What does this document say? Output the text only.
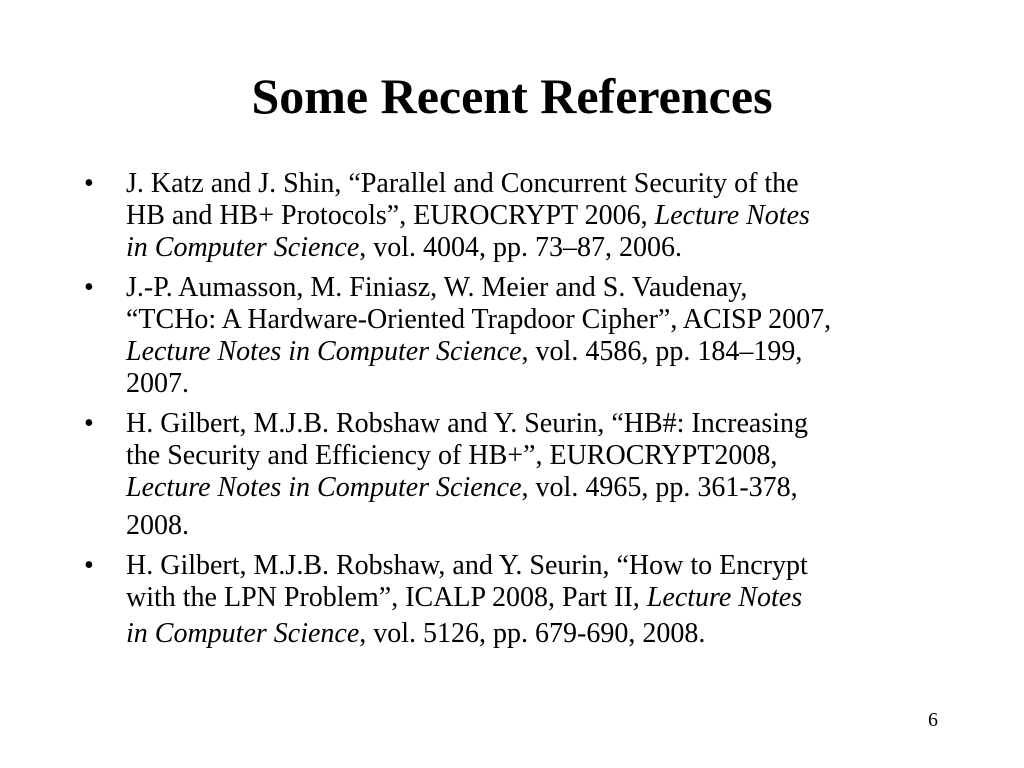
Some Recent References
•	J. Katz and J. Shin, “Parallel and Concurrent Security of the
HB and HB+ Protocols”, EUROCRYPT 2006, Lecture Notes
in Computer Science, vol. 4004, pp. 73–87, 2006.
•	J.-P. Aumasson, M. Finiasz, W. Meier and S. Vaudenay,
“TCHo: A Hardware-Oriented Trapdoor Cipher”, ACISP 2007,
Lecture Notes in Computer Science, vol. 4586, pp. 184–199,
2007.
•	H. Gilbert, M.J.B. Robshaw and Y. Seurin, “HB#: Increasing
the Security and Efficiency of HB+”, EUROCRYPT2008,
Lecture Notes in Computer Science, vol. 4965, pp. 361-378,
2008.
•	H. Gilbert, M.J.B. Robshaw, and Y. Seurin, “How to Encrypt
with the LPN Problem”, ICALP 2008, Part II, Lecture Notes
in Computer Science, vol. 5126, pp. 679-690, 2008.
6
